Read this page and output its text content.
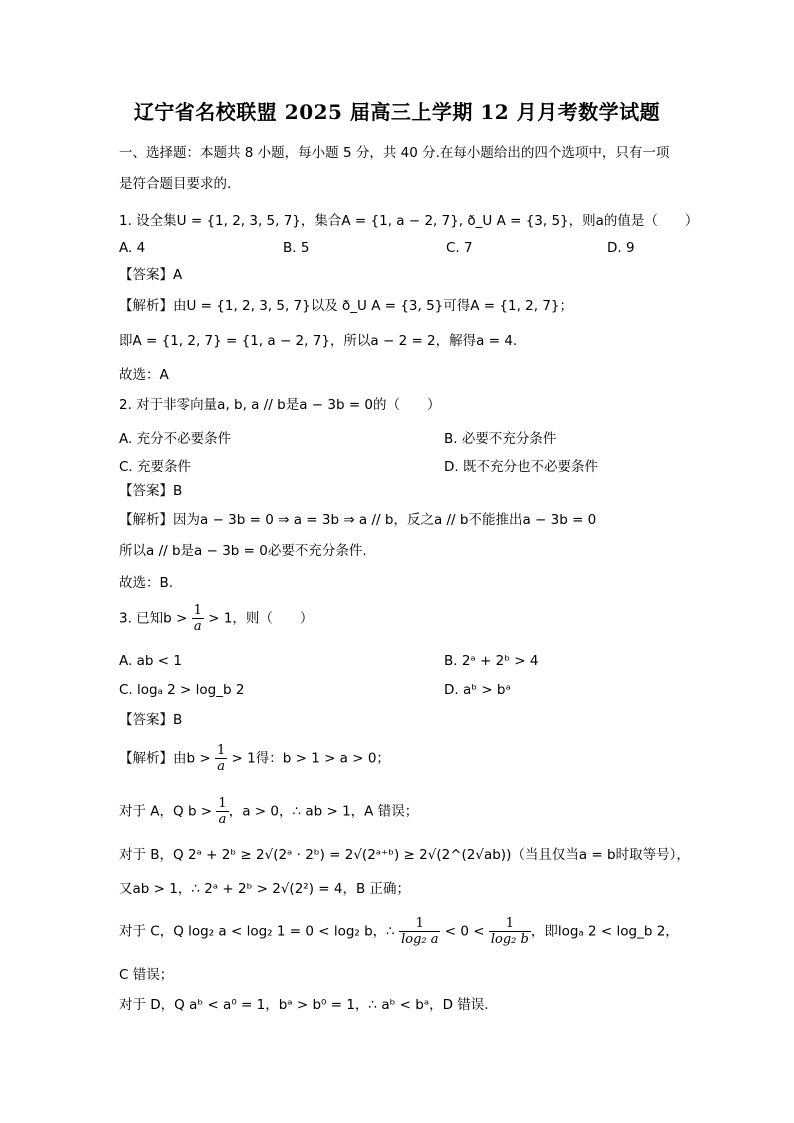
辽宁省名校联盟 2025 届高三上学期 12 月月考数学试题
一、选择题：本题共 8 小题，每小题 5 分，共 40 分.在每小题给出的四个选项中，只有一项
是符合题目要求的.
1. 设全集U = {1, 2, 3, 5, 7}，集合A = {1, a − 2, 7}, ð_U A = {3, 5}，则a的值是（　　）
A. 4	B. 5	C. 7	D. 9
【答案】A
【解析】由U = {1, 2, 3, 5, 7}以及 ð_U A = {3, 5}可得A = {1, 2, 7}；
即A = {1, 2, 7} = {1, a − 2, 7}，所以a − 2 = 2，解得a = 4.
故选：A
2. 对于非零向量a, b, a // b是a − 3b = 0的（　　）
A. 充分不必要条件	B. 必要不充分条件
C. 充要条件	D. 既不充分也不必要条件
【答案】B
【解析】因为a − 3b = 0 ⇒ a = 3b ⇒ a // b，反之a // b不能推出a − 3b = 0
所以a // b是a − 3b = 0必要不充分条件.
故选：B.
3. 已知$b > \frac{1}{a} > 1$，则（　　）
A. ab < 1	B. 2ᵃ + 2ᵇ > 4
C. logₐ 2 > log_b 2	D. aᵇ > bᵃ
【答案】B
【解析】由$b > \frac{1}{a} > 1$得：b > 1 > a > 0；
对于 A，Q $b > \frac{1}{a}$ ，a > 0，∴ ab > 1，A 错误；
对于 B，Q 2ᵃ + 2ᵇ ≥ 2√(2ᵃ · 2ᵇ) = 2√(2ᵃ⁺ᵇ) ≥ 2√(2^(2√ab))（当且仅当a = b时取等号），
又ab > 1，∴ 2ᵃ + 2ᵇ > 2√(2²) = 4，B 正确；
对于 C，Q log₂ a < log₂ 1 = 0 < log₂ b，∴ $\frac{1}{\text{log₂ a}} < 0 < \frac{1}{\text{log₂ b}}$ ，即logₐ 2 < log_b 2，
C 错误；
对于 D，Q aᵇ < a⁰ = 1，bᵃ > b⁰ = 1，∴ aᵇ < bᵃ，D 错误.
